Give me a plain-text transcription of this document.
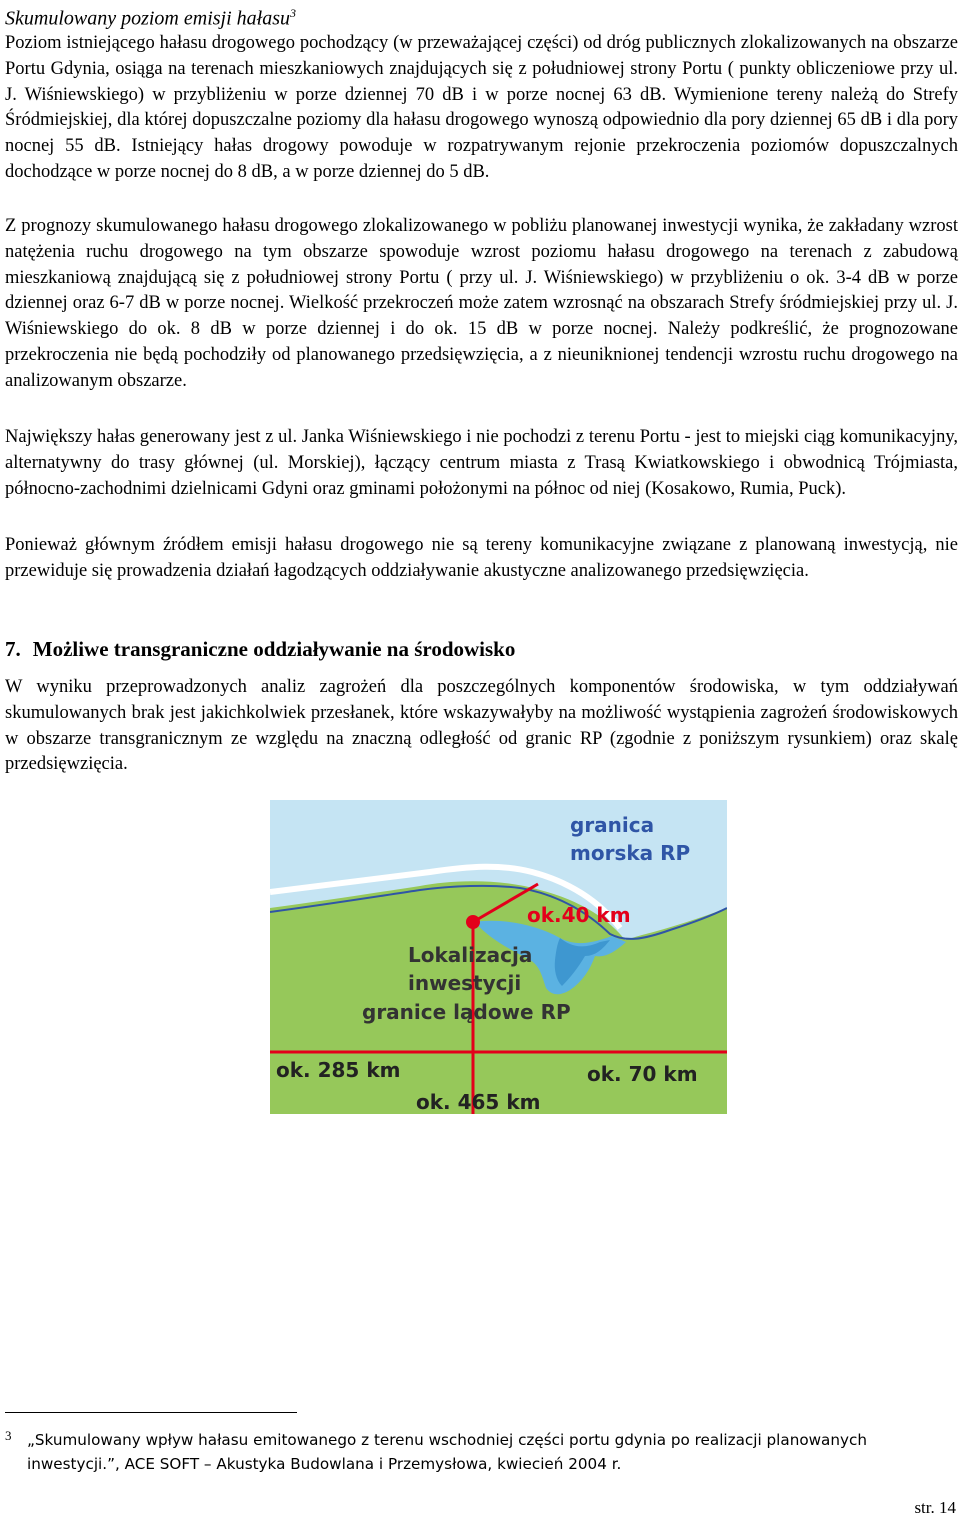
Skumulowany poziom emisji hałasu$^3$

Poziom istniejącego hałasu drogowego pochodzący (w przeważającej części) od dróg publicznych zlokalizowanych na obszarze Portu Gdynia, osiąga na terenach mieszkaniowych znajdujących się z południowej strony Portu ( punkty obliczeniowe przy ul. J. Wiśniewskiego) w przybliżeniu w porze dziennej 70 dB i w porze nocnej 63 dB. Wymienione tereny należą do Strefy Śródmiejskiej, dla której dopuszczalne poziomy dla hałasu drogowego wynoszą odpowiednio dla pory dziennej 65 dB i dla pory nocnej 55 dB. Istniejący hałas drogowy powoduje w rozpatrywanym rejonie przekroczenia poziomów dopuszczalnych dochodzące w porze nocnej do 8 dB, a w porze dziennej do 5 dB.

Z prognozy skumulowanego hałasu drogowego zlokalizowanego w pobliżu planowanej inwestycji wynika, że zakładany wzrost natężenia ruchu drogowego na tym obszarze spowoduje wzrost poziomu hałasu drogowego na terenach z zabudową mieszkaniową znajdującą się z południowej strony Portu ( przy ul. J. Wiśniewskiego) w przybliżeniu o ok. 3-4 dB w porze dziennej oraz 6-7 dB w porze nocnej. Wielkość przekroczeń może zatem wzrosnąć na obszarach Strefy śródmiejskiej przy ul. J. Wiśniewskiego do ok. 8 dB w porze dziennej i do ok. 15 dB w porze nocnej. Należy podkreślić, że prognozowane przekroczenia nie będą pochodziły od planowanego przedsięwzięcia, a z nieuniknionej tendencji wzrostu ruchu drogowego na analizowanym obszarze.

Największy hałas generowany jest z ul. Janka Wiśniewskiego i nie pochodzi z terenu Portu - jest to miejski ciąg komunikacyjny, alternatywny do trasy głównej (ul. Morskiej), łączący centrum miasta z Trasą Kwiatkowskiego i obwodnicą Trójmiasta, północno-zachodnimi dzielnicami Gdyni oraz gminami położonymi na północ od niej (Kosakowo, Rumia, Puck).

Ponieważ głównym źródłem emisji hałasu drogowego nie są tereny komunikacyjne związane z planowaną inwestycją, nie przewiduje się prowadzenia działań łagodzących oddziaływanie akustyczne analizowanego przedsięwzięcia.

7. Możliwe transgraniczne oddziaływanie na środowisko

W wyniku przeprowadzonych analiz zagrożeń dla poszczególnych komponentów środowiska, w tym oddziaływań skumulowanych brak jest jakichkolwiek przesłanek, które wskazywałyby na możliwość wystąpienia zagrożeń środowiskowych w obszarze transgranicznym ze względu na znaczną odległość od granic RP (zgodnie z poniższym rysunkiem) oraz skalę przedsięwzięcia.

granica
morska RP
ok.40 km
Lokalizacja
inwestycji
granice lądowe RP
ok. 285 km	ok. 70 km
ok. 465 km
3 „Skumulowany wpływ hałasu emitowanego z terenu wschodniej części portu gdynia po realizacji planowanych inwestycji.”, ACE SOFT – Akustyka Budowlana i Przemysłowa, kwiecień 2004 r.
str. 14
